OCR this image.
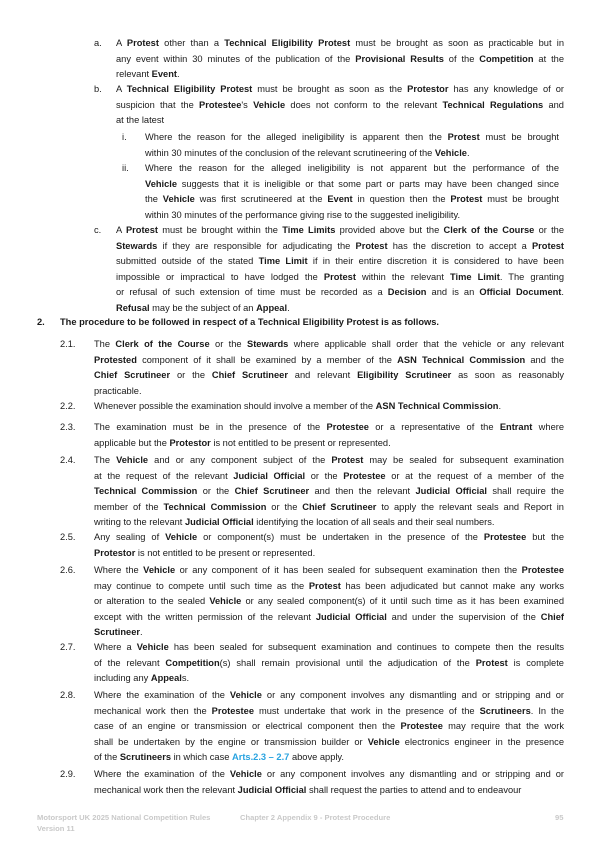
a. A Protest other than a Technical Eligibility Protest must be brought as soon as practicable but in
any event within 30 minutes of the publication of the Provisional Results of the Competition at the
relevant Event.
b. A Technical Eligibility Protest must be brought as soon as the Protestor has any knowledge of or
suspicion that the Protestee's Vehicle does not conform to the relevant Technical Regulations and
at the latest
i. Where the reason for the alleged ineligibility is apparent then the Protest must be brought
within 30 minutes of the conclusion of the relevant scrutineering of the Vehicle.
ii. Where the reason for the alleged ineligibility is not apparent but the performance of the
Vehicle suggests that it is ineligible or that some part or parts may have been changed since
the Vehicle was first scrutineered at the Event in question then the Protest must be brought
within 30 minutes of the performance giving rise to the suggested ineligibility.
c. A Protest must be brought within the Time Limits provided above but the Clerk of the Course or the
Stewards if they are responsible for adjudicating the Protest has the discretion to accept a Protest
submitted outside of the stated Time Limit if in their entire discretion it is considered to have been
impossible or impractical to have lodged the Protest within the relevant Time Limit. The granting
or refusal of such extension of time must be recorded as a Decision and is an Official Document.
Refusal may be the subject of an Appeal.
2. The procedure to be followed in respect of a Technical Eligibility Protest is as follows.
2.1. The Clerk of the Course or the Stewards where applicable shall order that the vehicle or any relevant
Protested component of it shall be examined by a member of the ASN Technical Commission and the
Chief Scrutineer or the Chief Scrutineer and relevant Eligibility Scrutineer as soon as reasonably
practicable.
2.2. Whenever possible the examination should involve a member of the ASN Technical Commission.
2.3. The examination must be in the presence of the Protestee or a representative of the Entrant where
applicable but the Protestor is not entitled to be present or represented.
2.4. The Vehicle and or any component subject of the Protest may be sealed for subsequent examination
at the request of the relevant Judicial Official or the Protestee or at the request of a member of the
Technical Commission or the Chief Scrutineer and then the relevant Judicial Official shall require the
member of the Technical Commission or the Chief Scrutineer to apply the relevant seals and Report in
writing to the relevant Judicial Official identifying the location of all seals and their seal numbers.
2.5. Any sealing of Vehicle or component(s) must be undertaken in the presence of the Protestee but the
Protestor is not entitled to be present or represented.
2.6. Where the Vehicle or any component of it has been sealed for subsequent examination then the Protestee
may continue to compete until such time as the Protest has been adjudicated but cannot make any works
or alteration to the sealed Vehicle or any sealed component(s) of it until such time as it has been examined
except with the written permission of the relevant Judicial Official and under the supervision of the Chief
Scrutineer.
2.7. Where a Vehicle has been sealed for subsequent examination and continues to compete then the results
of the relevant Competition(s) shall remain provisional until the adjudication of the Protest is complete
including any Appeals.
2.8. Where the examination of the Vehicle or any component involves any dismantling and or stripping and or
mechanical work then the Protestee must undertake that work in the presence of the Scrutineers. In the
case of an engine or transmission or electrical component then the Protestee may require that the work
shall be undertaken by the engine or transmission builder or Vehicle electronics engineer in the presence
of the Scrutineers in which case Arts.2.3 – 2.7 above apply.
2.9. Where the examination of the Vehicle or any component involves any dismantling and or stripping and or
mechanical work then the relevant Judicial Official shall request the parties to attend and to endeavour
Motorsport UK 2025 National Competition Rules
Version 11
Chapter 2 Appendix 9 - Protest Procedure	95
